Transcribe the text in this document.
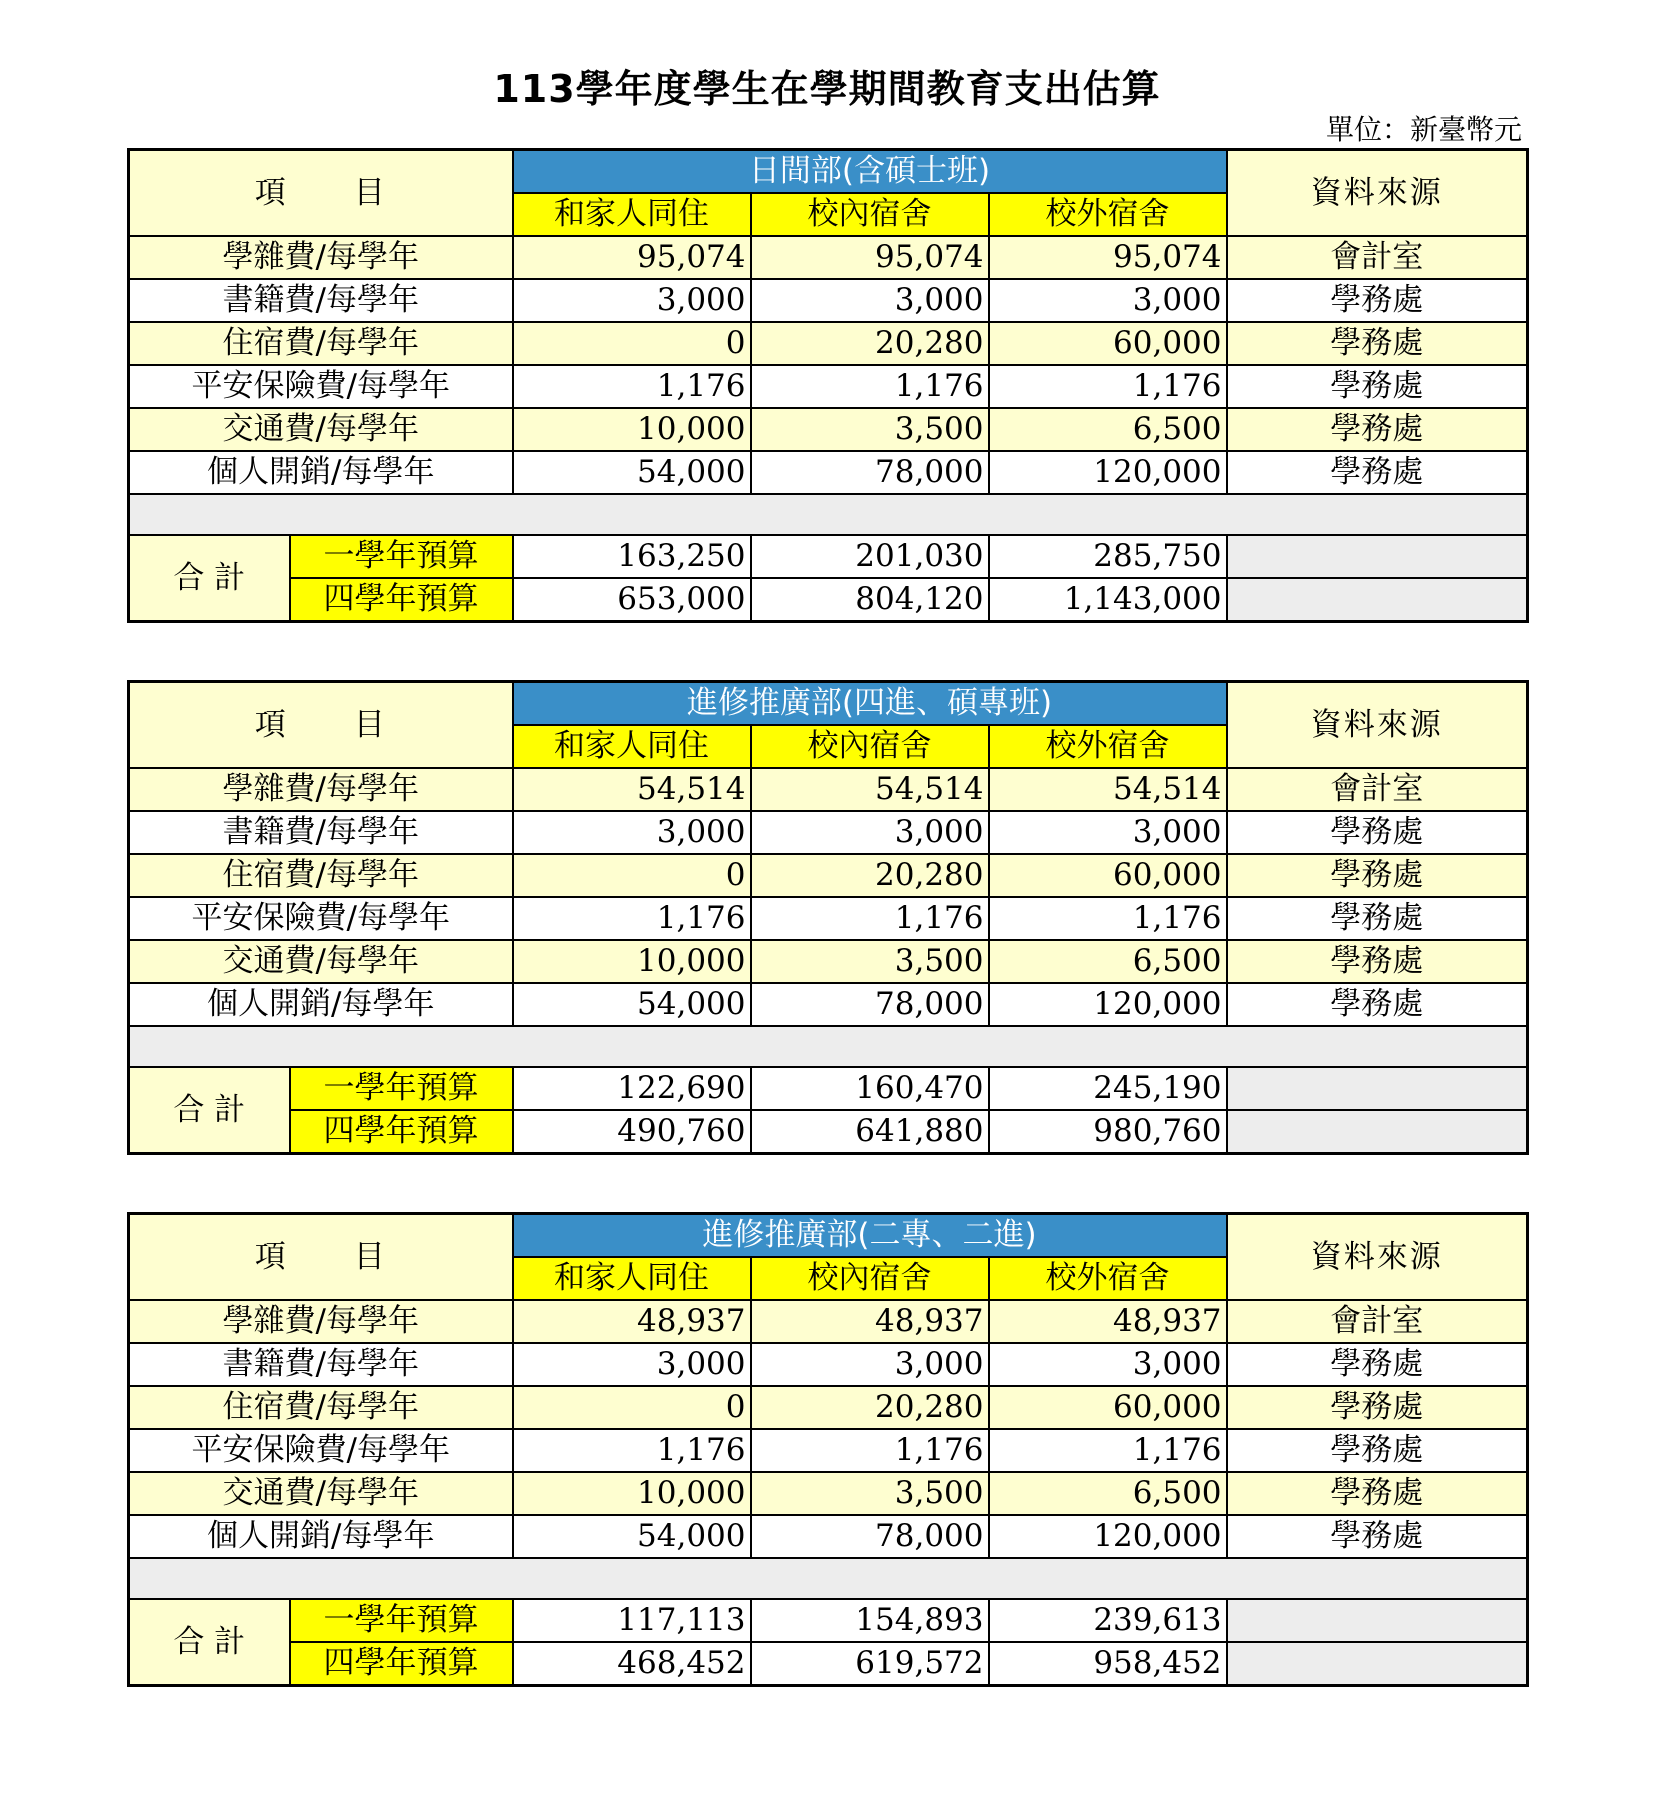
113學年度學生在學期間教育支出估算
單位：新臺幣元
項　　目		日間部(含碩士班)			資料來源
		和家人同住	校內宿舍	校外宿舍	
學雜費/每學年		95,074	95,074	95,074	會計室
書籍費/每學年		3,000	3,000	3,000	學務處
住宿費/每學年		0	20,280	60,000	學務處
平安保險費/每學年		1,176	1,176	1,176	學務處
交通費/每學年		10,000	3,500	6,500	學務處
個人開銷/每學年		54,000	78,000	120,000	學務處

合 計	一學年預算	163,250	201,030	285,750	
	四學年預算	653,000	804,120	1,143,000	
項　　目		進修推廣部(四進、碩專班)			資料來源
		和家人同住	校內宿舍	校外宿舍	
學雜費/每學年		54,514	54,514	54,514	會計室
書籍費/每學年		3,000	3,000	3,000	學務處
住宿費/每學年		0	20,280	60,000	學務處
平安保險費/每學年		1,176	1,176	1,176	學務處
交通費/每學年		10,000	3,500	6,500	學務處
個人開銷/每學年		54,000	78,000	120,000	學務處

合 計	一學年預算	122,690	160,470	245,190	
	四學年預算	490,760	641,880	980,760	
項　　目		進修推廣部(二專、二進)			資料來源
		和家人同住	校內宿舍	校外宿舍	
學雜費/每學年		48,937	48,937	48,937	會計室
書籍費/每學年		3,000	3,000	3,000	學務處
住宿費/每學年		0	20,280	60,000	學務處
平安保險費/每學年		1,176	1,176	1,176	學務處
交通費/每學年		10,000	3,500	6,500	學務處
個人開銷/每學年		54,000	78,000	120,000	學務處

合 計	一學年預算	117,113	154,893	239,613	
	四學年預算	468,452	619,572	958,452	
